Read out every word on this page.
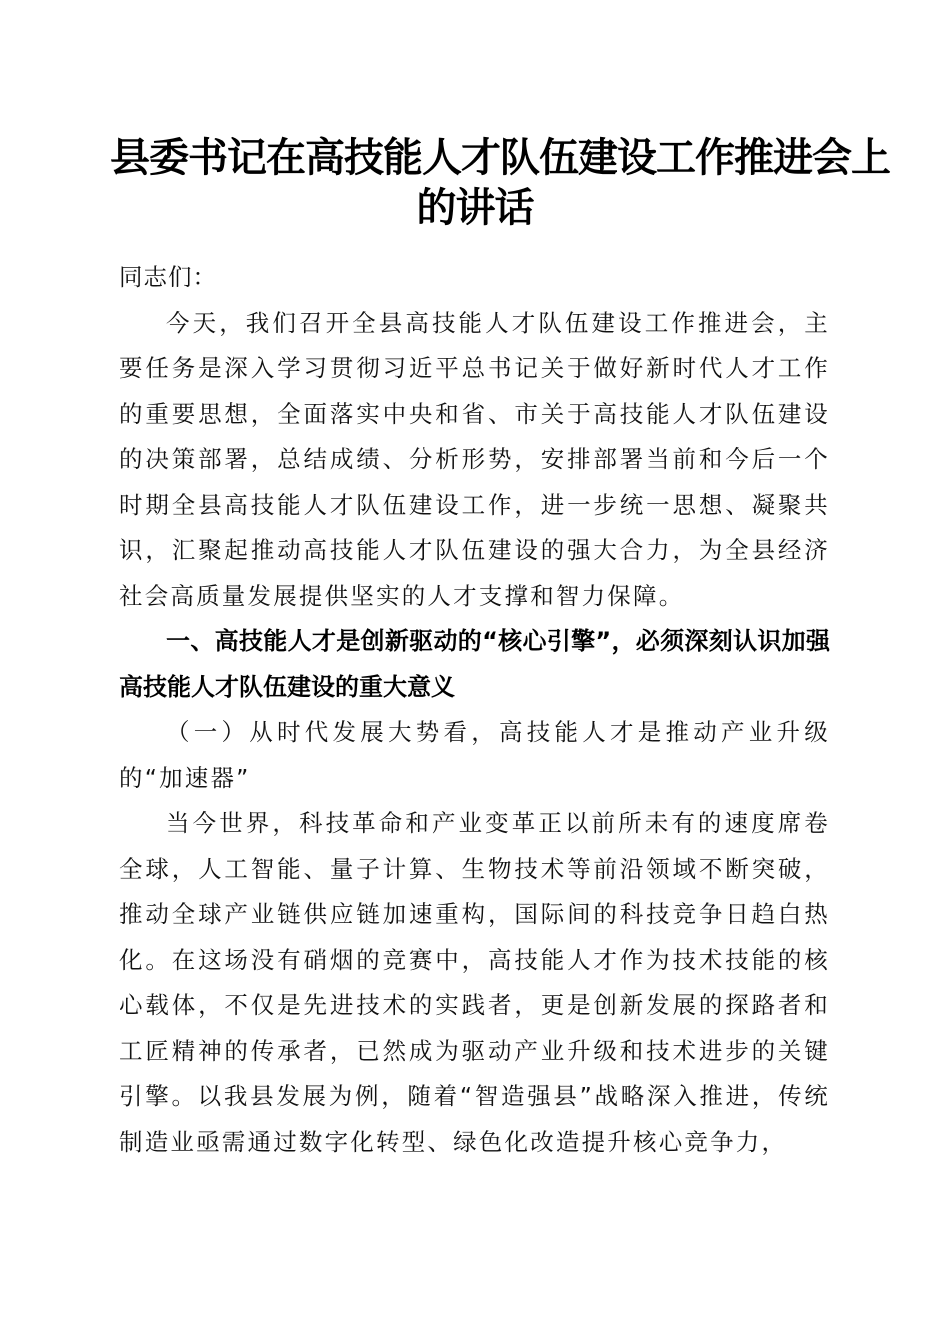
县委书记在高技能人才队伍建设工作推进会上
的讲话

同志们：

今天，我们召开全县高技能人才队伍建设工作推进会，主要任务是深入学习贯彻习近平总书记关于做好新时代人才工作的重要思想，全面落实中央和省、市关于高技能人才队伍建设的决策部署，总结成绩、分析形势，安排部署当前和今后一个时期全县高技能人才队伍建设工作，进一步统一思想、凝聚共识，汇聚起推动高技能人才队伍建设的强大合力，为全县经济社会高质量发展提供坚实的人才支撑和智力保障。

一、高技能人才是创新驱动的“核心引擎”，必须深刻认识加强高技能人才队伍建设的重大意义

（一）从时代发展大势看，高技能人才是推动产业升级的“加速器”

当今世界，科技革命和产业变革正以前所未有的速度席卷全球，人工智能、量子计算、生物技术等前沿领域不断突破，推动全球产业链供应链加速重构，国际间的科技竞争日趋白热化。在这场没有硝烟的竞赛中，高技能人才作为技术技能的核心载体，不仅是先进技术的实践者，更是创新发展的探路者和工匠精神的传承者，已然成为驱动产业升级和技术进步的关键引擎。以我县发展为例，随着“智造强县”战略深入推进，传统制造业亟需通过数字化转型、绿色化改造提升核心竞争力，
